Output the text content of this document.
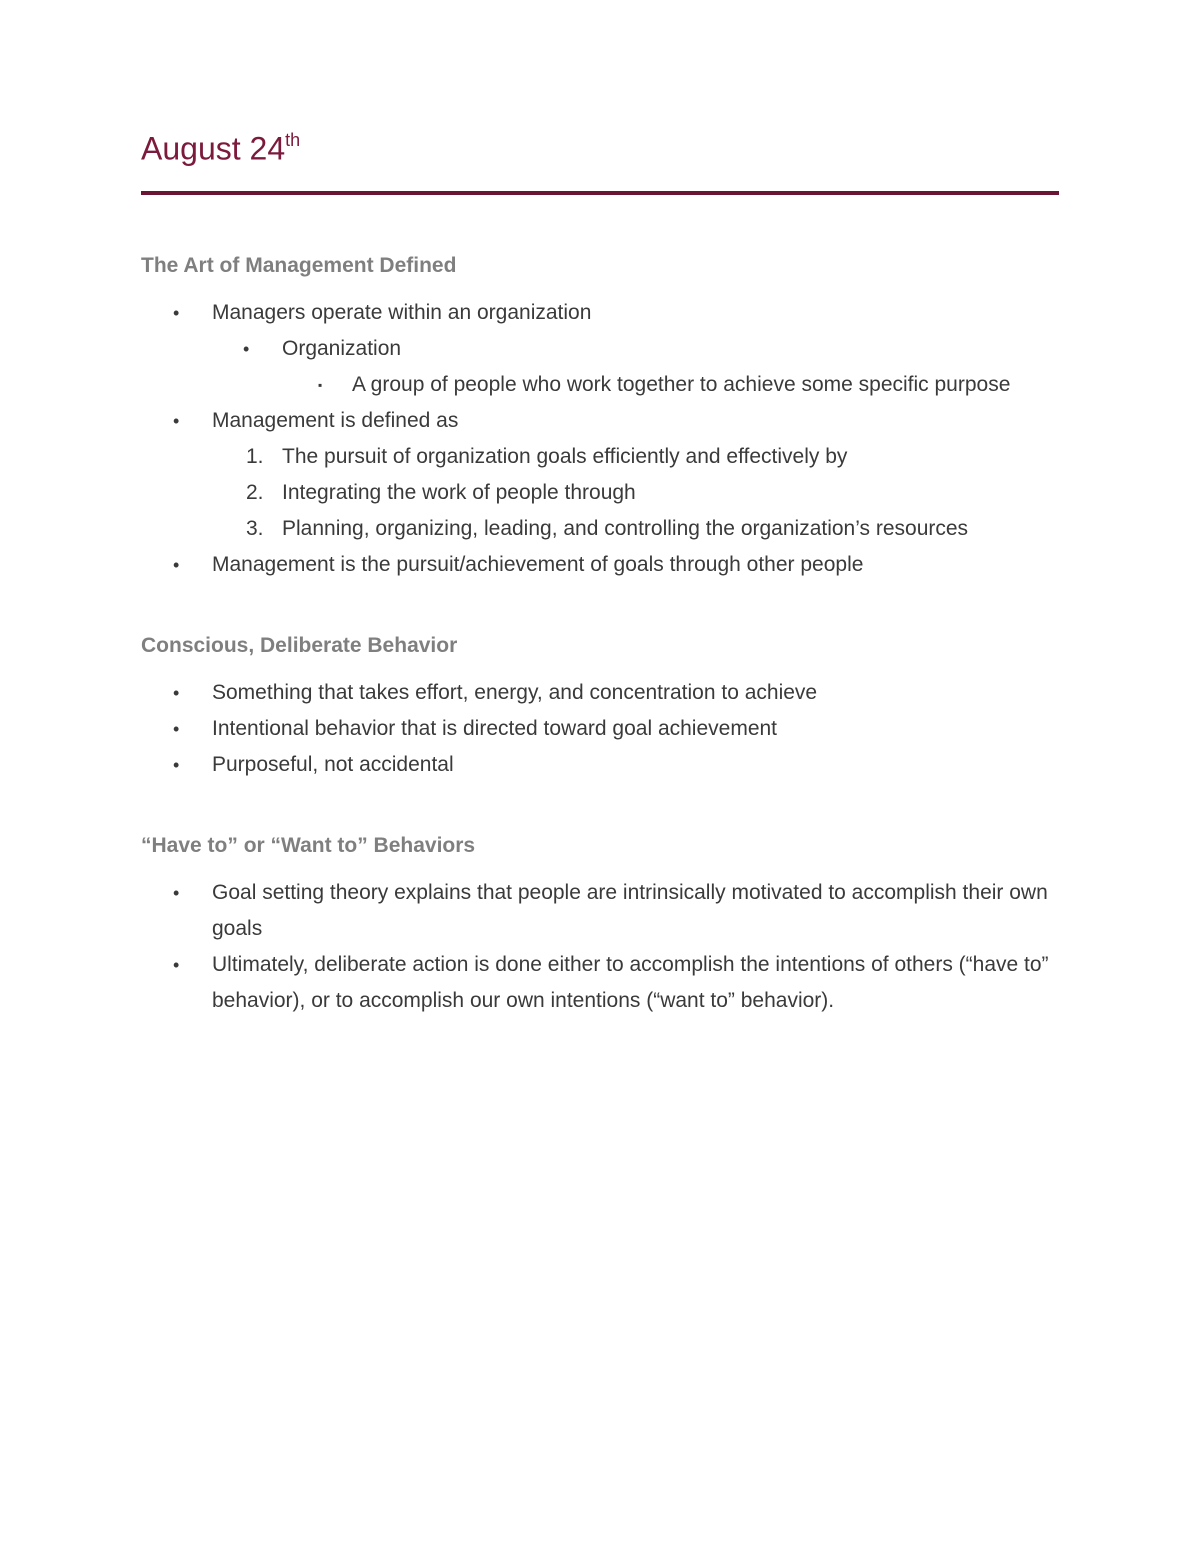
August 24th
The Art of Management Defined
• Managers operate within an organization
• Organization
▪ A group of people who work together to achieve some specific purpose
• Management is defined as
1. The pursuit of organization goals efficiently and effectively by
2. Integrating the work of people through
3. Planning, organizing, leading, and controlling the organization’s resources
• Management is the pursuit/achievement of goals through other people
Conscious, Deliberate Behavior
• Something that takes effort, energy, and concentration to achieve
• Intentional behavior that is directed toward goal achievement
• Purposeful, not accidental
“Have to” or “Want to” Behaviors
• Goal setting theory explains that people are intrinsically motivated to accomplish their own goals
• Ultimately, deliberate action is done either to accomplish the intentions of others (“have to” behavior), or to accomplish our own intentions (“want to” behavior).
